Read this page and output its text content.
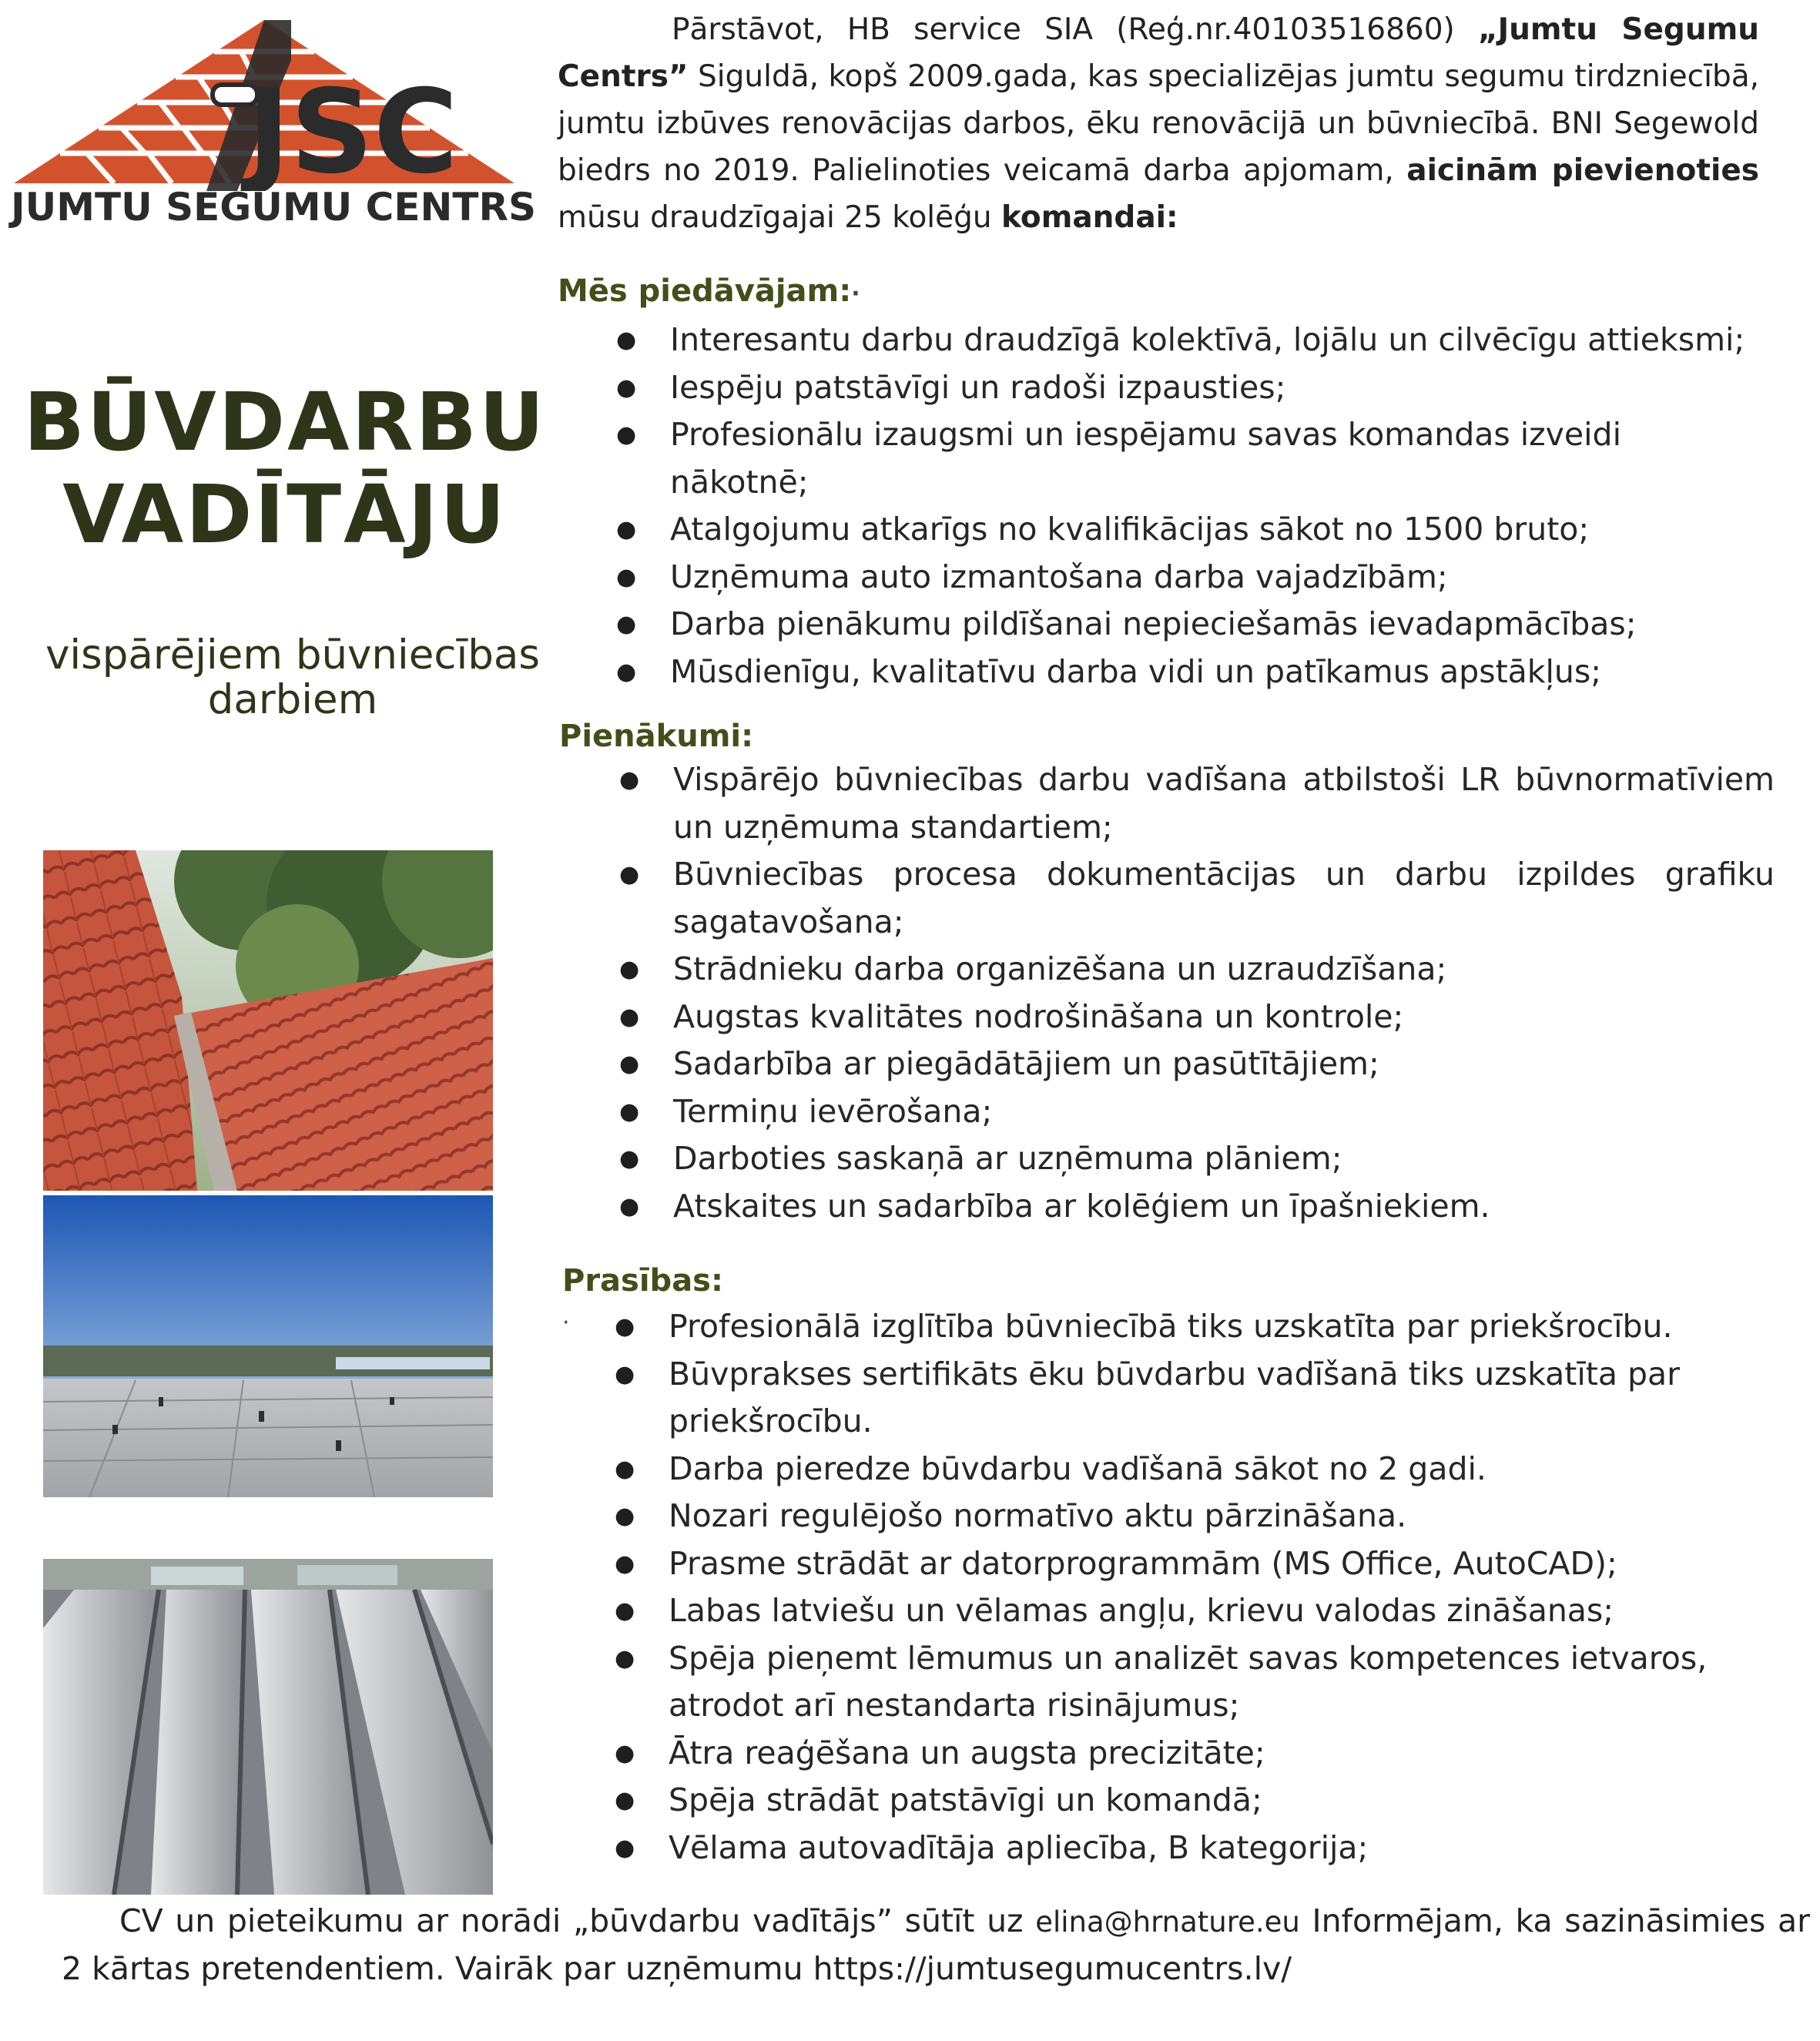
JSC
JUMTU SEGUMU CENTRS

Pārstāvot, HB service SIA (Reģ.nr.40103516860) „Jumtu Segumu Centrs” Siguldā, kopš 2009.gada, kas specializējas jumtu segumu tirdzniecībā, jumtu izbūves renovācijas darbos, ēku renovācijā un būvniecībā. BNI Segewold biedrs no 2019. Palielinoties veicamā darba apjomam, aicinām pievienoties mūsu draudzīgajai 25 kolēģu komandai:

BŪVDARBU
VADĪTĀJU
vispārējiem būvniecības
darbiem
Mēs piedāvājam:·
● Interesantu darbu draudzīgā kolektīvā, lojālu un cilvēcīgu attieksmi;
● Iespēju patstāvīgi un radoši izpausties;
● Profesionālu izaugsmi un iespējamu savas komandas izveidi nākotnē;
● Atalgojumu atkarīgs no kvalifikācijas sākot no 1500 bruto;
● Uzņēmuma auto izmantošana darba vajadzībām;
● Darba pienākumu pildīšanai nepieciešamās ievadapmācības;
● Mūsdienīgu, kvalitatīvu darba vidi un patīkamus apstākļus;
Pienākumi:
● Vispārējo būvniecības darbu vadīšana atbilstoši LR būvnormatīviem un uzņēmuma standartiem;
● Būvniecības procesa dokumentācijas un darbu izpildes grafiku sagatavošana;
● Strādnieku darba organizēšana un uzraudzīšana;
● Augstas kvalitātes nodrošināšana un kontrole;
● Sadarbība ar piegādātājiem un pasūtītājiem;
● Termiņu ievērošana;
● Darboties saskaņā ar uzņēmuma plāniem;
● Atskaites un sadarbība ar kolēģiem un īpašniekiem.
Prasības:
· ● Profesionālā izglītība būvniecībā tiks uzskatīta par priekšrocību.
● Būvprakses sertifikāts ēku būvdarbu vadīšanā tiks uzskatīta par priekšrocību.
● Darba pieredze būvdarbu vadīšanā sākot no 2 gadi.
● Nozari regulējošo normatīvo aktu pārzināšana.
● Prasme strādāt ar datorprogrammām (MS Office, AutoCAD);
● Labas latviešu un vēlamas angļu, krievu valodas zināšanas;
● Spēja pieņemt lēmumus un analizēt savas kompetences ietvaros, atrodot arī nestandarta risinājumus;
● Ātra reaģēšana un augsta precizitāte;
● Spēja strādāt patstāvīgi un komandā;
● Vēlama autovadītāja apliecība, B kategorija;

CV un pieteikumu ar norādi „būvdarbu vadītājs” sūtīt uz elina@hrnature.eu Informējam, ka sazināsimies ar 2 kārtas pretendentiem. Vairāk par uzņēmumu https://jumtusegumucentrs.lv/
